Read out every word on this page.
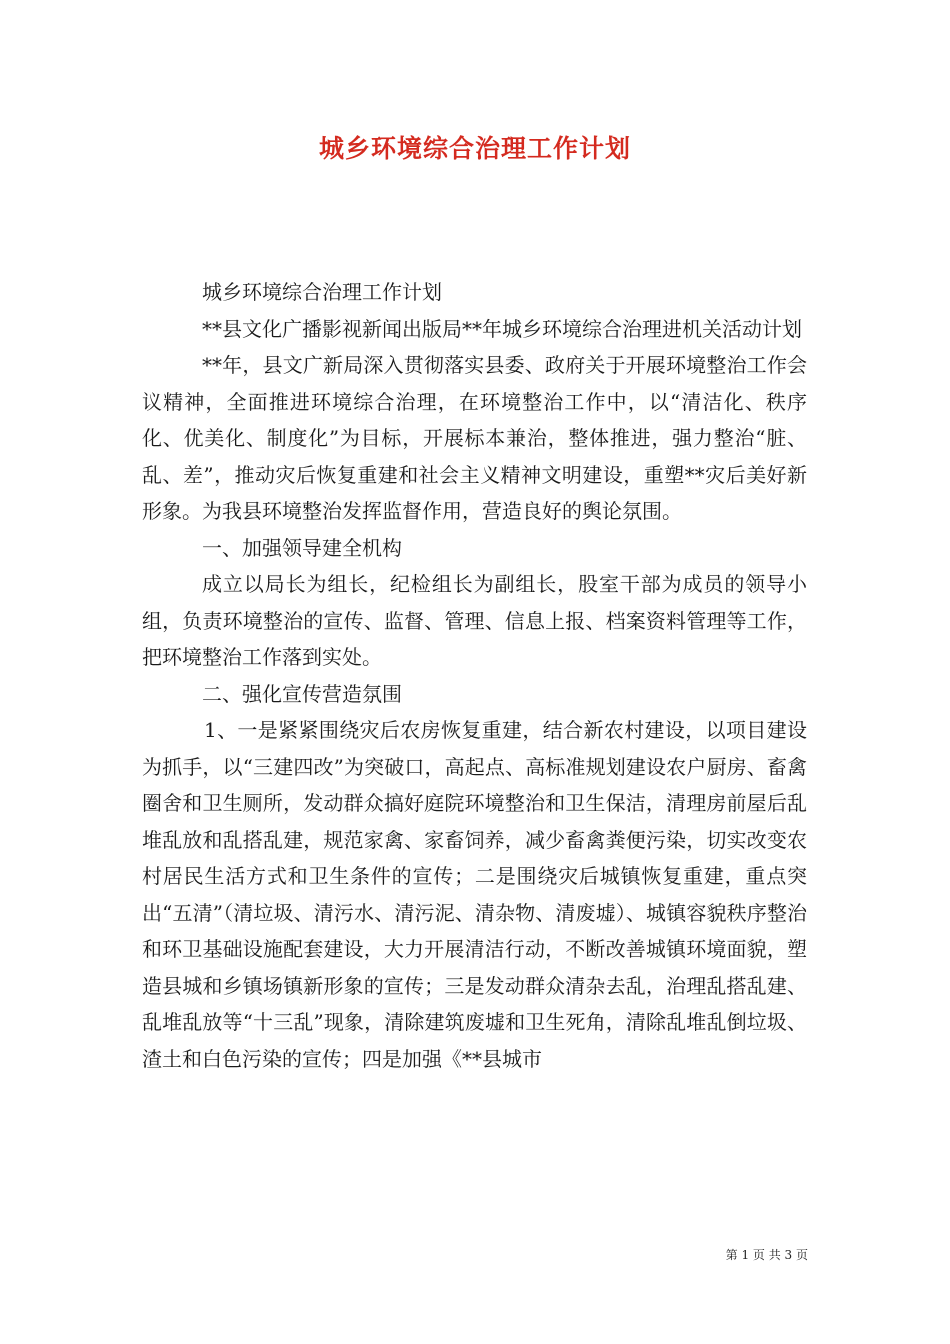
城乡环境综合治理工作计划

城乡环境综合治理工作计划

**县文化广播影视新闻出版局**年城乡环境综合治理进机关活动计划

**年，县文广新局深入贯彻落实县委、政府关于开展环境整治工作会议精神，全面推进环境综合治理，在环境整治工作中，以“清洁化、秩序化、优美化、制度化”为目标，开展标本兼治，整体推进，强力整治“脏、乱、差”，推动灾后恢复重建和社会主义精神文明建设，重塑**灾后美好新形象。为我县环境整治发挥监督作用，营造良好的舆论氛围。

一、加强领导建全机构

成立以局长为组长，纪检组长为副组长，股室干部为成员的领导小组，负责环境整治的宣传、监督、管理、信息上报、档案资料管理等工作，把环境整治工作落到实处。

二、强化宣传营造氛围

1、一是紧紧围绕灾后农房恢复重建，结合新农村建设，以项目建设为抓手，以“三建四改”为突破口，高起点、高标准规划建设农户厨房、畜禽圈舍和卫生厕所，发动群众搞好庭院环境整治和卫生保洁，清理房前屋后乱堆乱放和乱搭乱建，规范家禽、家畜饲养，减少畜禽粪便污染，切实改变农村居民生活方式和卫生条件的宣传；二是围绕灾后城镇恢复重建，重点突出“五清”（清垃圾、清污水、清污泥、清杂物、清废墟）、城镇容貌秩序整治和环卫基础设施配套建设，大力开展清洁行动，不断改善城镇环境面貌，塑造县城和乡镇场镇新形象的宣传；三是发动群众清杂去乱，治理乱搭乱建、乱堆乱放等“十三乱”现象，清除建筑废墟和卫生死角，清除乱堆乱倒垃圾、渣土和白色污染的宣传；四是加强《**县城市

第 1 页 共 3 页
